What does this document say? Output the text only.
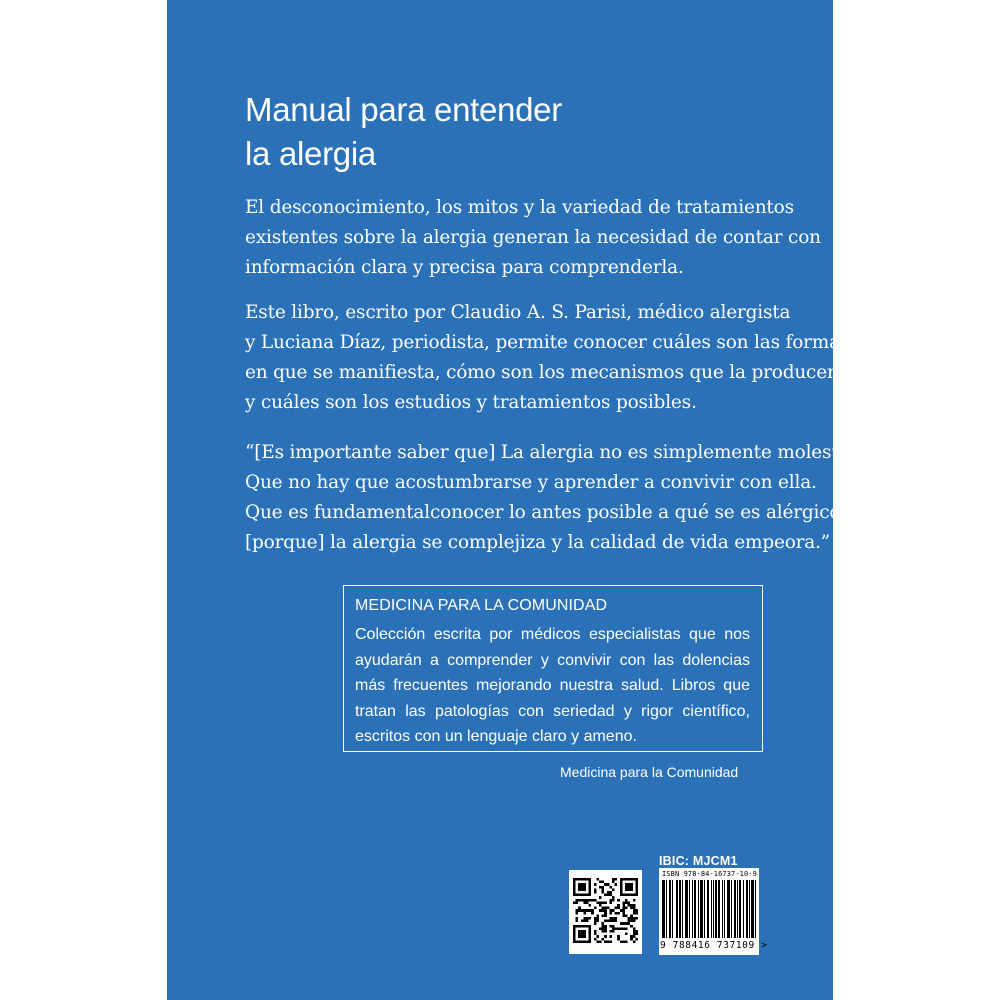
Manual para entender
la alergia

El desconocimiento, los mitos y la variedad de tratamientos
existentes sobre la alergia generan la necesidad de contar con
información clara y precisa para comprenderla.

Este libro, escrito por Claudio A. S. Parisi, médico alergista
y Luciana Díaz, periodista, permite conocer cuáles son las formas
en que se manifiesta, cómo son los mecanismos que la producen
y cuáles son los estudios y tratamientos posibles.

“[Es importante saber que] La alergia no es simplemente molesta.
Que no hay que acostumbrarse y aprender a convivir con ella.
Que es fundamentalconocer lo antes posible a qué se es alérgico
[porque] la alergia se complejiza y la calidad de vida empeora.”

MEDICINA PARA LA COMUNIDAD

Colección escrita por médicos especialistas que nos
ayudarán a comprender y convivir con las dolencias
más frecuentes mejorando nuestra salud. Libros que
tratan las patologías con seriedad y rigor científico,
escritos con un lenguaje claro y ameno.

Medicina para la Comunidad
IBIC: MJCM1
ISBN 978-84-16737-10-9
9 788416 737109 >
